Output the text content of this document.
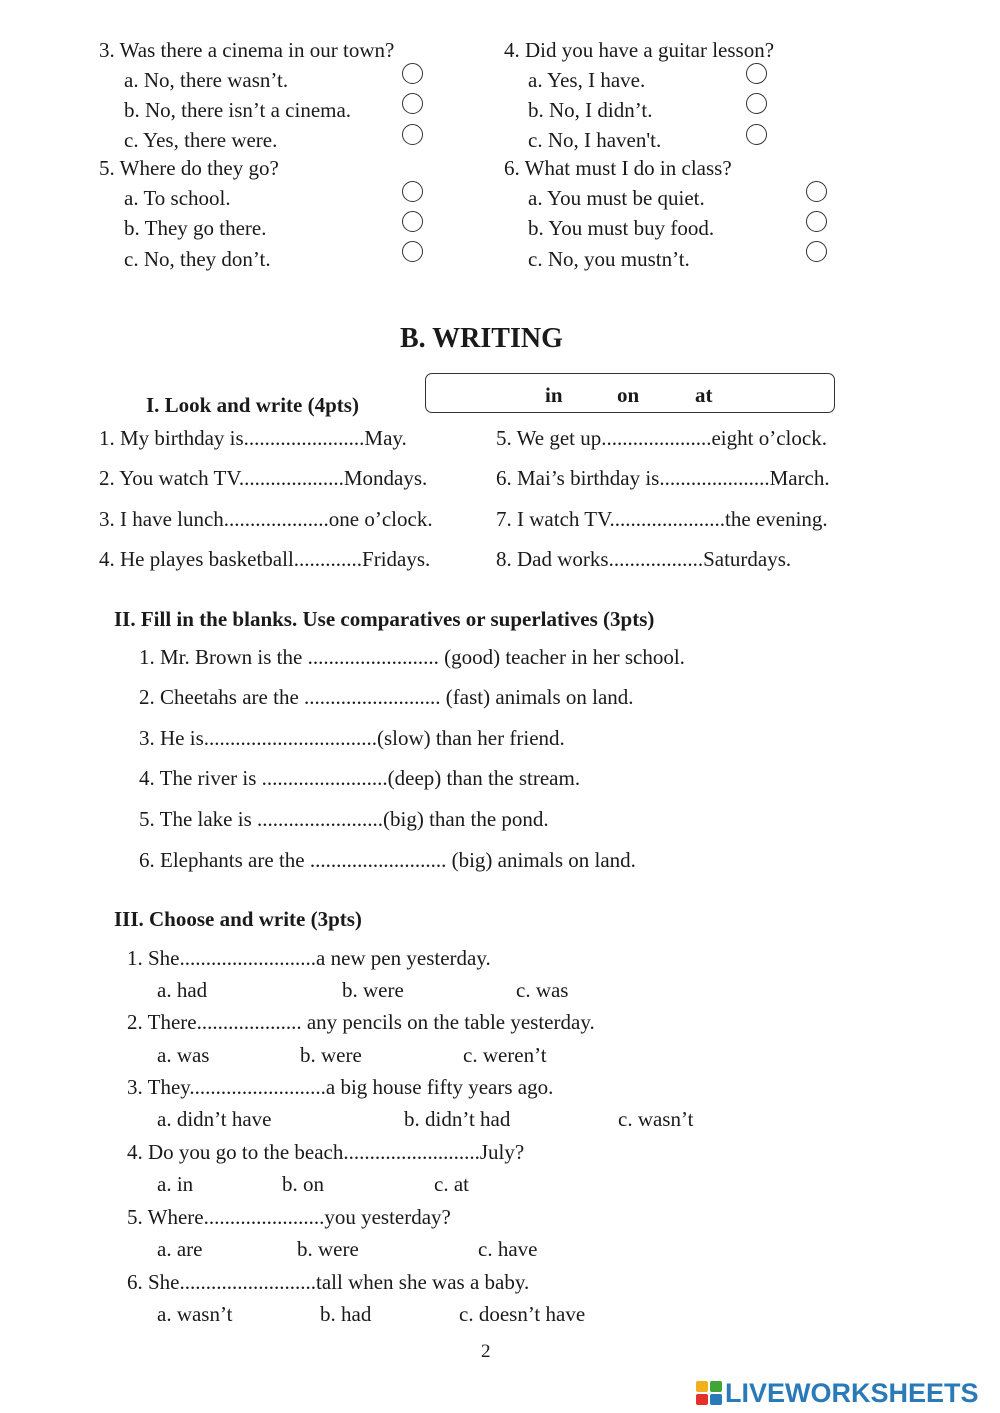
3. Was there a cinema in our town?
a. No, there wasn’t.
b. No, there isn’t a cinema.
c. Yes, there were.
4. Did you have a guitar lesson?
a. Yes, I have.
b. No, I didn’t.
c. No, I haven't.
5. Where do they go?
a. To school.
b. They go there.
c. No, they don’t.
6. What must I do in class?
a. You must be quiet.
b. You must buy food.
c. No, you mustn’t.
B. WRITING
I. Look and write (4pts)	in	on	at
1. My birthday is.......................May.
2. You watch TV....................Mondays.
3. I have lunch....................one o’clock.
4. He playes basketball.............Fridays.
5. We get up.....................eight o’clock.
6. Mai’s birthday is.....................March.
7. I watch TV......................the evening.
8. Dad works..................Saturdays.
II. Fill in the blanks. Use comparatives or superlatives (3pts)
1. Mr. Brown is the ......................... (good) teacher in her school.
2. Cheetahs are the .......................... (fast) animals on land.
3. He is.................................(slow) than her friend.
4. The river is ........................(deep) than the stream.
5. The lake is ........................(big) than the pond.
6. Elephants are the .......................... (big) animals on land.
III. Choose and write (3pts)
1. She..........................a new pen yesterday.
a. had	b. were	c. was
2. There.................... any pencils on the table yesterday.
a. was	b. were	c. weren’t
3. They..........................a big house fifty years ago.
a. didn’t have	b. didn’t had	c. wasn’t
4. Do you go to the beach..........................July?
a. in	b. on	c. at
5. Where.......................you yesterday?
a. are	b. were	c. have
6. She..........................tall when she was a baby.
a. wasn’t	b. had	c. doesn’t have
2
LIVEWORKSHEETS
